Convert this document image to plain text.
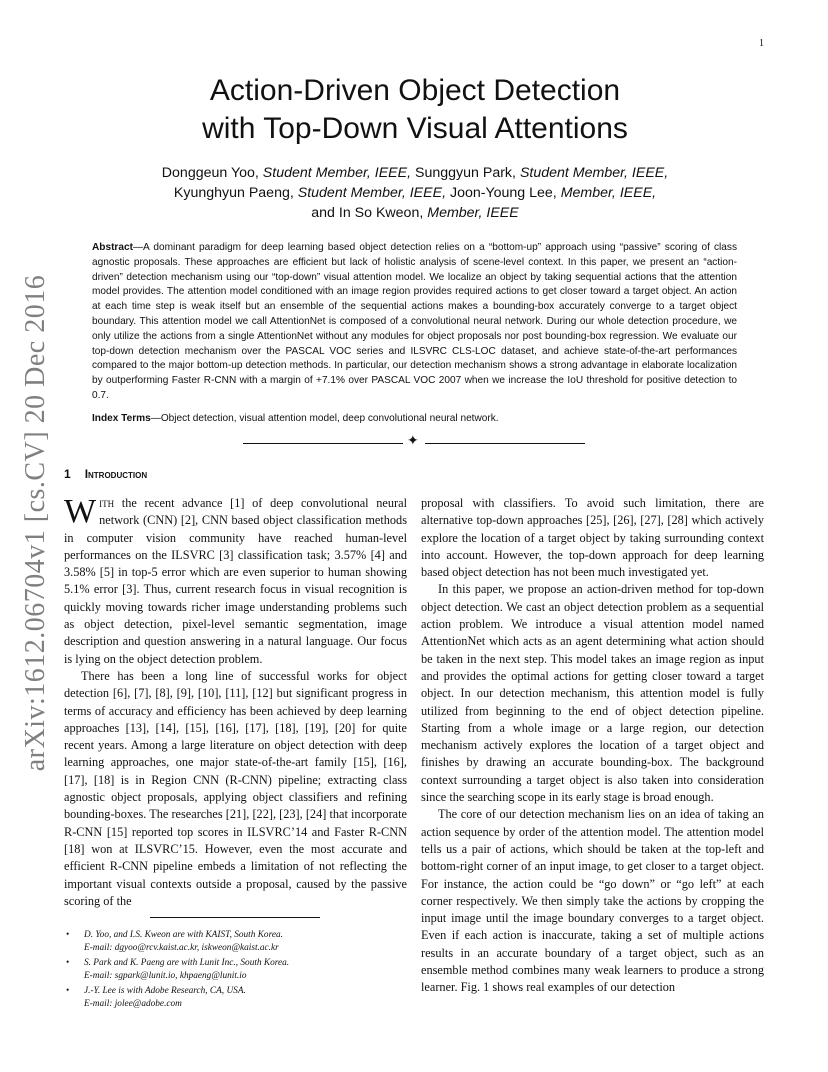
1
arXiv:1612.06704v1 [cs.CV] 20 Dec 2016
Action-Driven Object Detection
with Top-Down Visual Attentions
Donggeun Yoo, Student Member, IEEE, Sunggyun Park, Student Member, IEEE,
Kyunghyun Paeng, Student Member, IEEE, Joon-Young Lee, Member, IEEE,
and In So Kweon, Member, IEEE
Abstract—A dominant paradigm for deep learning based object detection relies on a “bottom-up” approach using “passive” scoring of class agnostic proposals. These approaches are efficient but lack of holistic analysis of scene-level context. In this paper, we present an “action-driven” detection mechanism using our “top-down” visual attention model. We localize an object by taking sequential actions that the attention model provides. The attention model conditioned with an image region provides required actions to get closer toward a target object. An action at each time step is weak itself but an ensemble of the sequential actions makes a bounding-box accurately converge to a target object boundary. This attention model we call AttentionNet is composed of a convolutional neural network. During our whole detection procedure, we only utilize the actions from a single AttentionNet without any modules for object proposals nor post bounding-box regression. We evaluate our top-down detection mechanism over the PASCAL VOC series and ILSVRC CLS-LOC dataset, and achieve state-of-the-art performances compared to the major bottom-up detection methods. In particular, our detection mechanism shows a strong advantage in elaborate localization by outperforming Faster R-CNN with a margin of +7.1% over PASCAL VOC 2007 when we increase the IoU threshold for positive detection to 0.7.
Index Terms—Object detection, visual attention model, deep convolutional neural network.
✦
1 Introduction

With the recent advance [1] of deep convolutional neural network (CNN) [2], CNN based object classification methods in computer vision community have reached human-level performances on the ILSVRC [3] classification task; 3.57% [4] and 3.58% [5] in top-5 error which are even superior to human showing 5.1% error [3]. Thus, current research focus in visual recognition is quickly moving towards richer image understanding problems such as object detection, pixel-level semantic segmentation, image description and question answering in a natural language. Our focus is lying on the object detection problem.

There has been a long line of successful works for object detection [6], [7], [8], [9], [10], [11], [12] but significant progress in terms of accuracy and efficiency has been achieved by deep learning approaches [13], [14], [15], [16], [17], [18], [19], [20] for quite recent years. Among a large literature on object detection with deep learning approaches, one major state-of-the-art family [15], [16], [17], [18] is in Region CNN (R-CNN) pipeline; extracting class agnostic object proposals, applying object classifiers and refining bounding-boxes. The researches [21], [22], [23], [24] that incorporate R-CNN [15] reported top scores in ILSVRC’14 and Faster R-CNN [18] won at ILSVRC’15. However, even the most accurate and efficient R-CNN pipeline embeds a limitation of not reflecting the important visual contexts outside a proposal, caused by the passive scoring of the

proposal with classifiers. To avoid such limitation, there are alternative top-down approaches [25], [26], [27], [28] which actively explore the location of a target object by taking surrounding context into account. However, the top-down approach for deep learning based object detection has not been much investigated yet.

In this paper, we propose an action-driven method for top-down object detection. We cast an object detection problem as a sequential action problem. We introduce a visual attention model named AttentionNet which acts as an agent determining what action should be taken in the next step. This model takes an image region as input and provides the optimal actions for getting closer toward a target object. In our detection mechanism, this attention model is fully utilized from beginning to the end of object detection pipeline. Starting from a whole image or a large region, our detection mechanism actively explores the location of a target object and finishes by drawing an accurate bounding-box. The background context surrounding a target object is also taken into consideration since the searching scope in its early stage is broad enough.

The core of our detection mechanism lies on an idea of taking an action sequence by order of the attention model. The attention model tells us a pair of actions, which should be taken at the top-left and bottom-right corner of an input image, to get closer to a target object. For instance, the action could be “go down” or “go left” at each corner respectively. We then simply take the actions by cropping the input image until the image boundary converges to a target object. Even if each action is inaccurate, taking a set of multiple actions results in an accurate boundary of a target object, such as an ensemble method combines many weak learners to produce a strong learner. Fig. 1 shows real examples of our detection

• D. Yoo, and I.S. Kweon are with KAIST, South Korea.
E-mail: dgyoo@rcv.kaist.ac.kr, iskweon@kaist.ac.kr
• S. Park and K. Paeng are with Lunit Inc., South Korea.
E-mail: sgpark@lunit.io, khpaeng@lunit.io
• J.-Y. Lee is with Adobe Research, CA, USA.
E-mail: jolee@adobe.com
